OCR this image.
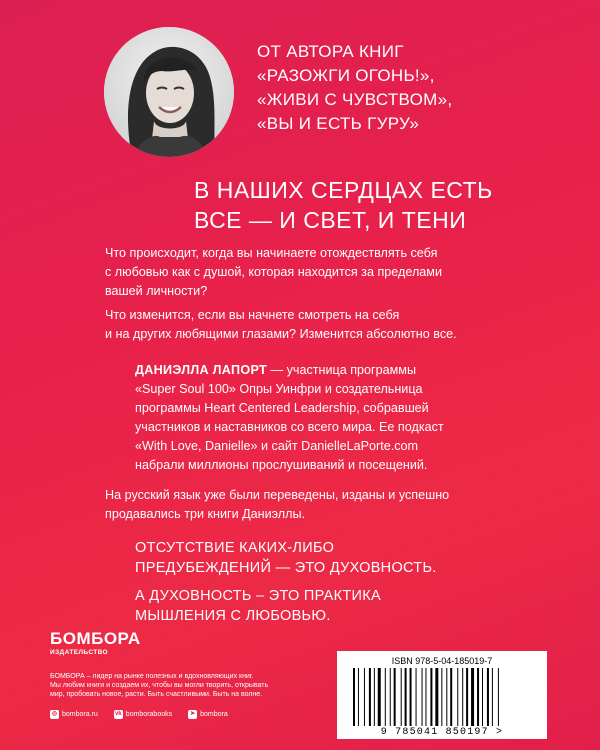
ОТ АВТОРА КНИГ
«РАЗОЖГИ ОГОНЬ!»,
«ЖИВИ С ЧУВСТВОМ»,
«ВЫ И ЕСТЬ ГУРУ»
В НАШИХ СЕРДЦАХ ЕСТЬ
ВСЕ — И СВЕТ, И ТЕНИ
Что происходит, когда вы начинаете отождествлять себя
с любовью как с душой, которая находится за пределами
вашей личности?
Что изменится, если вы начнете смотреть на себя
и на других любящими глазами? Изменится абсолютно все.
ДАНИЭЛЛА ЛАПОРТ — участница программы
«Super Soul 100» Опры Уинфри и создательница
программы Heart Centered Leadership, собравшей
участников и наставников со всего мира. Ее подкаст
«With Love, Danielle» и сайт DanielleLaPorte.com
набрали миллионы прослушиваний и посещений.
На русский язык уже были переведены, изданы и успешно
продавались три книги Даниэллы.
ОТСУТСТВИЕ КАКИХ-ЛИБО
ПРЕДУБЕЖДЕНИЙ — ЭТО ДУХОВНОСТЬ.
А ДУХОВНОСТЬ – ЭТО ПРАКТИКА
МЫШЛЕНИЯ С ЛЮБОВЬЮ.
БОМБОРА
ИЗДАТЕЛЬСТВО
БОМБОРА – лидер на рынке полезных и вдохновляющих книг.
Мы любим книги и создаем их, чтобы вы могли творить, открывать
мир, пробовать новое, расти. Быть счастливыми. Быть на волне.
◎ bombora.ru	vk bomborabooks	➤ bombora
ISBN 978-5-04-185019-7
9 785041 850197 >
